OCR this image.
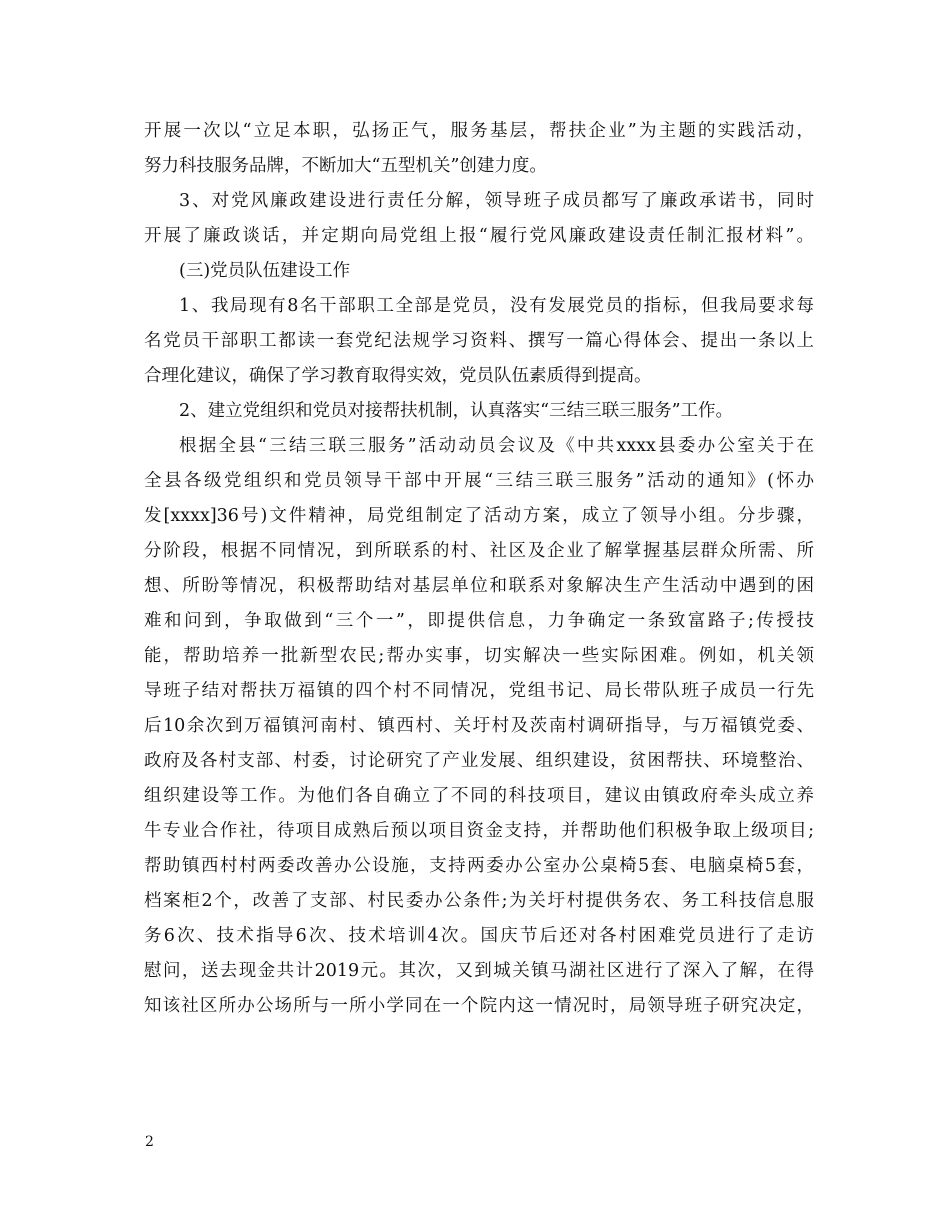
开展一次以“立足本职，弘扬正气，服务基层，帮扶企业”为主题的实践活动，
努力科技服务品牌，不断加大“五型机关”创建力度。
3、对党风廉政建设进行责任分解，领导班子成员都写了廉政承诺书，同时
开展了廉政谈话，并定期向局党组上报“履行党风廉政建设责任制汇报材料”。
(三)党员队伍建设工作
1、我局现有8名干部职工全部是党员，没有发展党员的指标，但我局要求每
名党员干部职工都读一套党纪法规学习资料、撰写一篇心得体会、提出一条以上
合理化建议，确保了学习教育取得实效，党员队伍素质得到提高。
2、建立党组织和党员对接帮扶机制，认真落实“三结三联三服务”工作。
根据全县“三结三联三服务”活动动员会议及《中共xxxx县委办公室关于在
全县各级党组织和党员领导干部中开展“三结三联三服务”活动的通知》(怀办
发[xxxx]36号)文件精神，局党组制定了活动方案，成立了领导小组。分步骤，
分阶段，根据不同情况，到所联系的村、社区及企业了解掌握基层群众所需、所
想、所盼等情况，积极帮助结对基层单位和联系对象解决生产生活动中遇到的困
难和问到，争取做到“三个一”，即提供信息，力争确定一条致富路子;传授技
能，帮助培养一批新型农民;帮办实事，切实解决一些实际困难。例如，机关领
导班子结对帮扶万福镇的四个村不同情况，党组书记、局长带队班子成员一行先
后10余次到万福镇河南村、镇西村、关圩村及茨南村调研指导，与万福镇党委、
政府及各村支部、村委，讨论研究了产业发展、组织建设，贫困帮扶、环境整治、
组织建设等工作。为他们各自确立了不同的科技项目，建议由镇政府牵头成立养
牛专业合作社，待项目成熟后预以项目资金支持，并帮助他们积极争取上级项目;
帮助镇西村村两委改善办公设施，支持两委办公室办公桌椅5套、电脑桌椅5套，
档案柜2个，改善了支部、村民委办公条件;为关圩村提供务农、务工科技信息服
务6次、技术指导6次、技术培训4次。国庆节后还对各村困难党员进行了走访
慰问，送去现金共计2019元。其次，又到城关镇马湖社区进行了深入了解，在得
知该社区所办公场所与一所小学同在一个院内这一情况时，局领导班子研究决定，
2
